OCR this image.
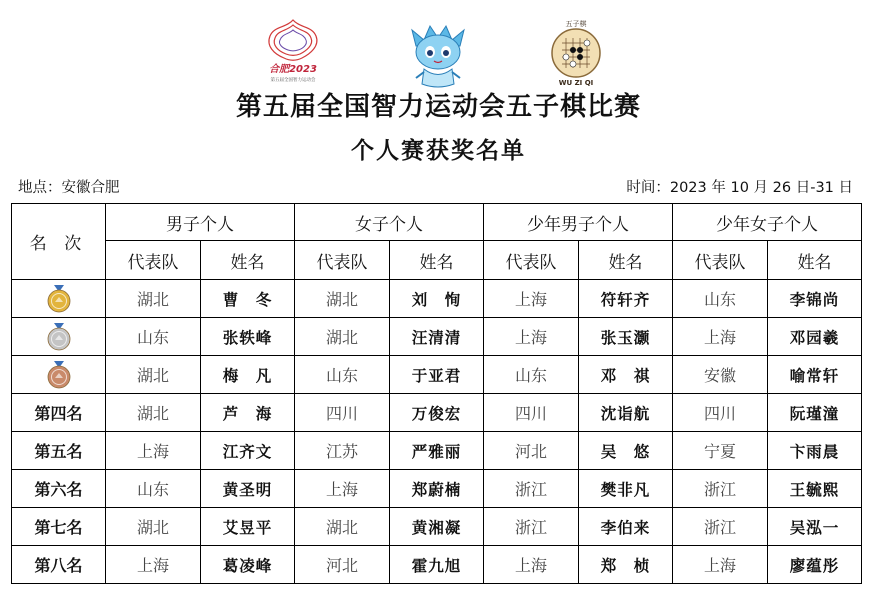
合肥2023
第五届全国智力运动会
五子棋
WU ZI QI
第五届全国智力运动会五子棋比赛
个人赛获奖名单
地点：安徽合肥	时间：2023 年 10 月 26 日-31 日
名 次	男子个人		女子个人		少年男子个人		少年女子个人	
	代表队	姓名	代表队	姓名	代表队	姓名	代表队	姓名
	湖北	曹　冬	湖北	刘　恂	上海	符轩齐	山东	李锦尚
	山东	张轶峰	湖北	汪清清	上海	张玉灏	上海	邓园羲
	湖北	梅　凡	山东	于亚君	山东	邓　祺	安徽	喻常轩
第四名	湖北	芦　海	四川	万俊宏	四川	沈诣航	四川	阮瑾潼
第五名	上海	江齐文	江苏	严雅丽	河北	吴　悠	宁夏	卞雨晨
第六名	山东	黄圣明	上海	郑蔚楠	浙江	樊非凡	浙江	王毓熙
第七名	湖北	艾昱平	湖北	黄湘凝	浙江	李伯来	浙江	吴泓一
第八名	上海	葛凌峰	河北	霍九旭	上海	郑　桢	上海	廖蕴彤
